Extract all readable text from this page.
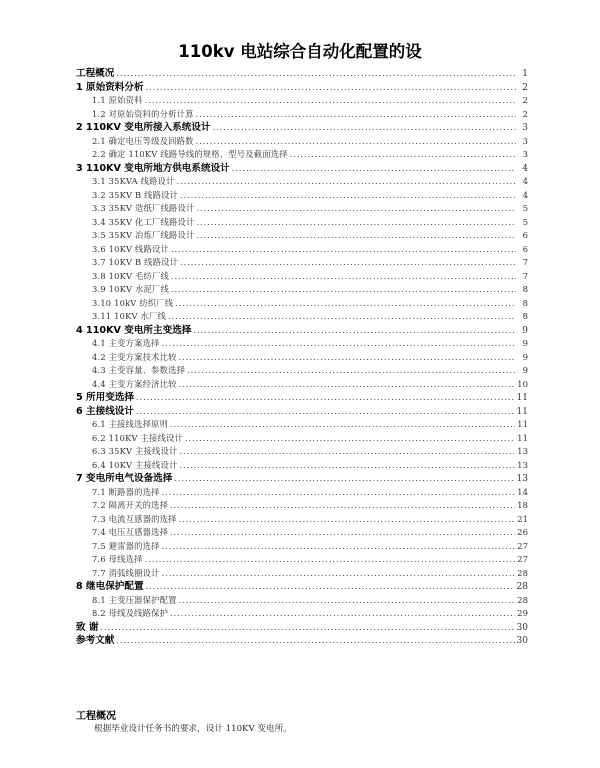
110kv 电站综合自动化配置的设
工程概况 .....	1
1 原始资料分析 .....	2
1.1 原始资料 .....	2
1.2 对原始资料的分析计算 .....	2
2 110KV 变电所接入系统设计 .....	3
2.1 确定电压等级及回路数 .....	3
2.2 确定 110KV 线路导线的规格、型号及截面选择 .....	3
3 110KV 变电所地方供电系统设计 .....	4
3.1 35KVA 线路设计 .....	4
3.2 35KV B 线路设计 .....	4
3.3 35KV 造纸厂线路设计 .....	5
3.4 35KV 化工厂线路设计 .....	5
3.5 35KV 冶炼厂线路设计 .....	6
3.6 10KV 线路设计 .....	6
3.7 10KV B 线路设计 .....	7
3.8 10KV 毛纺厂线 .....	7
3.9 10KV 水泥厂线 .....	8
3.10 10kV 纺织厂线 .....	8
3.11 10KV 水厂线 .....	8
4 110KV 变电所主变选择 .....	9
4.1 主变方案选择 .....	9
4.2 主变方案技术比较 .....	9
4.3 主变容量、参数选择 .....	9
4.4 主变方案经济比较 .....	10
5 所用变选择 .....	11
6 主接线设计 .....	11
6.1 主接线选择原则 .....	11
6.2 110KV 主接线设计 .....	11
6.3 35KV 主接线设计 .....	13
6.4 10KV 主接线设计 .....	13
7 变电所电气设备选择 .....	13
7.1 断路器的选择 .....	14
7.2 隔离开关的选择 .....	18
7.3 电流互感器的选择 .....	21
7.4 电压互感器选择 .....	26
7.5 避雷器的选择 .....	27
7.6 母线选择 .....	27
7.7 消弧线圈设计 .....	28
8 继电保护配置 .....	28
8.1 主变压器保护配置 .....	28
8.2 母线及线路保护 .....	29
致 谢 .....	30
参考文献 .....	30
工程概况
根据毕业设计任务书的要求，设计 110KV 变电所。
